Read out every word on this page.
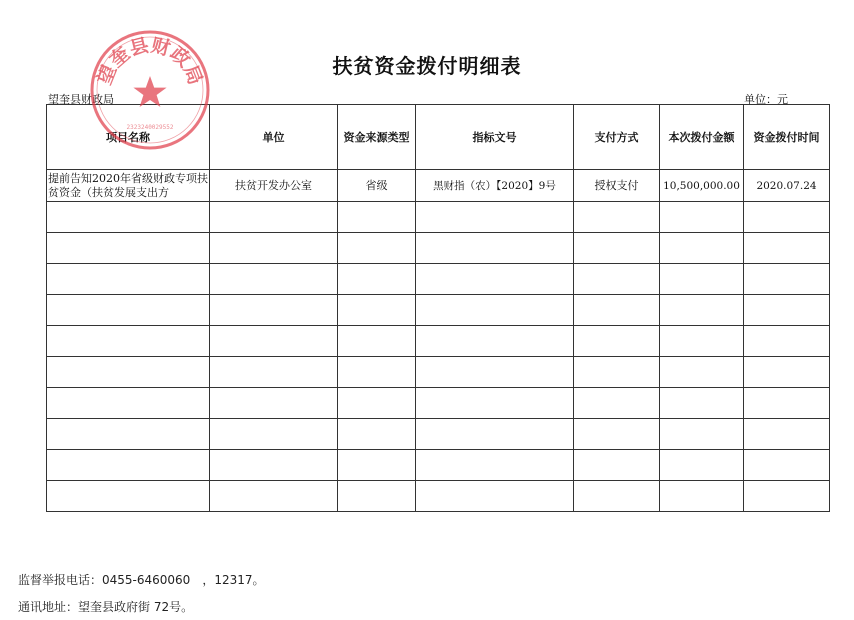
扶贫资金拨付明细表
望奎县财政局	单位：元
项目名称	单位	资金来源类型	指标文号	支付方式	本次拨付金额	资金拨付时间
提前告知2020年省级财政专项扶贫资金（扶贫发展支出方	扶贫开发办公室	省级	黑财指（农）【2020】9号	授权支付	10,500,000.00	2020.07.24

望奎县财政局
2323240029552
监督举报电话：0455-6460060　，12317。
通讯地址：望奎县政府街 72号。
